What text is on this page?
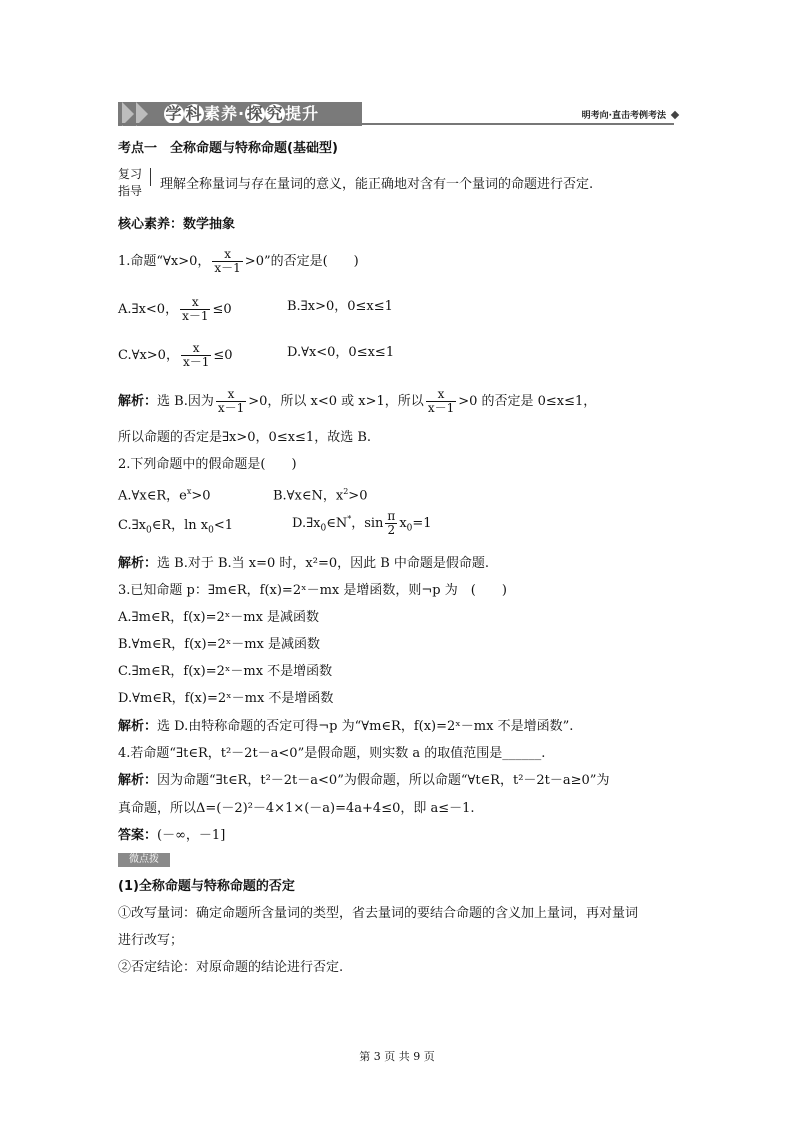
学 科素养·探 究提升	明考向·直击考例考法
考点一　全称命题与特称命题(基础型)
复习
指导	理解全称量词与存在量词的意义，能正确地对含有一个量词的命题进行否定.
核心素养：数学抽象
1.命题“∀x>0， $\frac{x}{x-1} >0$”的否定是(　　)
A.∃x<0， $\frac{x}{x-1} \le 0$	B.∃x>0，0≤x≤1
C.∀x>0， $\frac{x}{x-1} \le 0$	D.∀x<0，0≤x≤1
解析：选 B.因为 $\frac{x}{x-1} >0$，所以 x<0 或 x>1，所以 $\frac{x}{x-1} >0$ 的否定是 0≤x≤1，
所以命题的否定是∃x>0，0≤x≤1，故选 B.
2.下列命题中的假命题是(　　)
A.∀x∈R，$e^x>0$	B.∀x∈N，$x^2>0$
$C.\exists x_0\in R$，$\ln x_0<1$	$D.\exists x_0\in N^*$，$\sin \frac{\pi}{2} x_0=1$
解析：选 B.对于 B.当 x=0 时，x²=0，因此 B 中命题是假命题.
3.已知命题 p：∃m∈R，f(x)=2ˣ－mx 是增函数，则¬p 为　(　　)
A.∃m∈R，f(x)=2ˣ－mx 是减函数
B.∀m∈R，f(x)=2ˣ－mx 是减函数
C.∃m∈R，f(x)=2ˣ－mx 不是增函数
D.∀m∈R，f(x)=2ˣ－mx 不是增函数
解析：选 D.由特称命题的否定可得¬p 为“∀m∈R，f(x)=2ˣ－mx 不是增函数”.
4.若命题“∃t∈R，t²－2t－a<0”是假命题，则实数 a 的取值范围是______.
解析：因为命题“∃t∈R，t²－2t－a<0”为假命题，所以命题“∀t∈R，t²－2t－a≥0”为
真命题，所以Δ=(－2)²－4×1×(－a)=4a+4≤0，即 a≤－1.
答案：(－∞，－1]
微点拨
(1)全称命题与特称命题的否定
①改写量词：确定命题所含量词的类型，省去量词的要结合命题的含义加上量词，再对量词
进行改写；
②否定结论：对原命题的结论进行否定.
第 3 页 共 9 页
